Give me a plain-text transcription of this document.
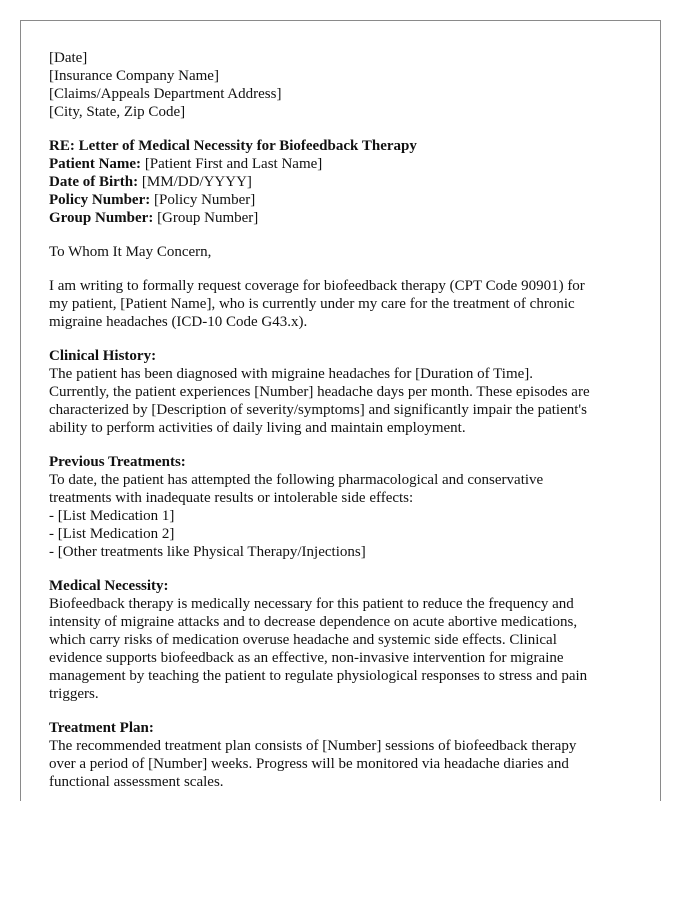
[Date]
[Insurance Company Name]
[Claims/Appeals Department Address]
[City, State, Zip Code]
RE: Letter of Medical Necessity for Biofeedback Therapy
Patient Name: [Patient First and Last Name]
Date of Birth: [MM/DD/YYYY]
Policy Number: [Policy Number]
Group Number: [Group Number]
To Whom It May Concern,
I am writing to formally request coverage for biofeedback therapy (CPT Code 90901) for
my patient, [Patient Name], who is currently under my care for the treatment of chronic
migraine headaches (ICD-10 Code G43.x).
Clinical History:
The patient has been diagnosed with migraine headaches for [Duration of Time].
Currently, the patient experiences [Number] headache days per month. These episodes are
characterized by [Description of severity/symptoms] and significantly impair the patient's
ability to perform activities of daily living and maintain employment.
Previous Treatments:
To date, the patient has attempted the following pharmacological and conservative
treatments with inadequate results or intolerable side effects:
- [List Medication 1]
- [List Medication 2]
- [Other treatments like Physical Therapy/Injections]
Medical Necessity:
Biofeedback therapy is medically necessary for this patient to reduce the frequency and
intensity of migraine attacks and to decrease dependence on acute abortive medications,
which carry risks of medication overuse headache and systemic side effects. Clinical
evidence supports biofeedback as an effective, non-invasive intervention for migraine
management by teaching the patient to regulate physiological responses to stress and pain
triggers.
Treatment Plan:
The recommended treatment plan consists of [Number] sessions of biofeedback therapy
over a period of [Number] weeks. Progress will be monitored via headache diaries and
functional assessment scales.
